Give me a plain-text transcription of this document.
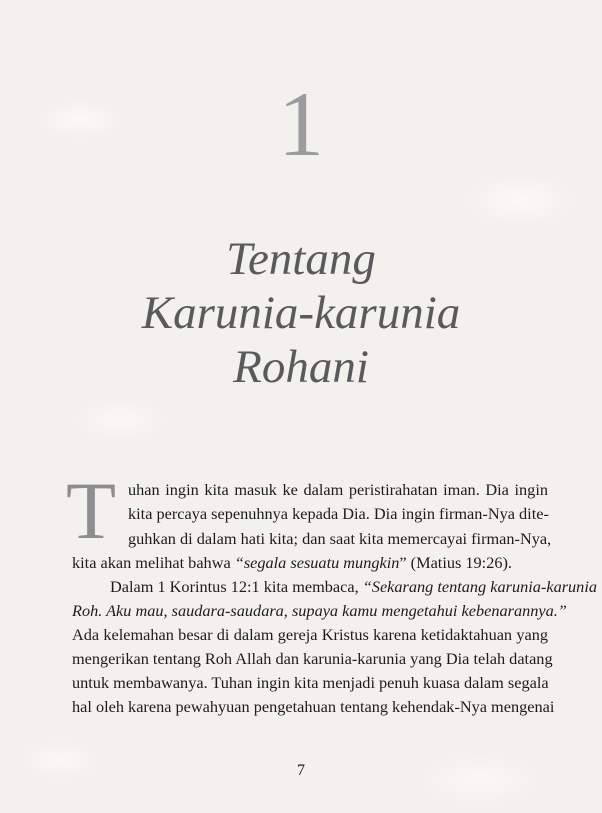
1
Tentang
Karunia-karunia
Rohani
T uhan ingin kita masuk ke dalam peristirahatan iman. Dia ingin
kita percaya sepenuhnya kepada Dia. Dia ingin firman-Nya dite-
guhkan di dalam hati kita; dan saat kita memercayai firman-Nya,
kita akan melihat bahwa “segala sesuatu mungkin” (Matius 19:26).
Dalam 1 Korintus 12:1 kita membaca, “Sekarang tentang karunia-karunia
Roh. Aku mau, saudara-saudara, supaya kamu mengetahui kebenarannya.”
Ada kelemahan besar di dalam gereja Kristus karena ketidaktahuan yang
mengerikan tentang Roh Allah dan karunia-karunia yang Dia telah datang
untuk membawanya. Tuhan ingin kita menjadi penuh kuasa dalam segala
hal oleh karena pewahyuan pengetahuan tentang kehendak-Nya mengenai
7
